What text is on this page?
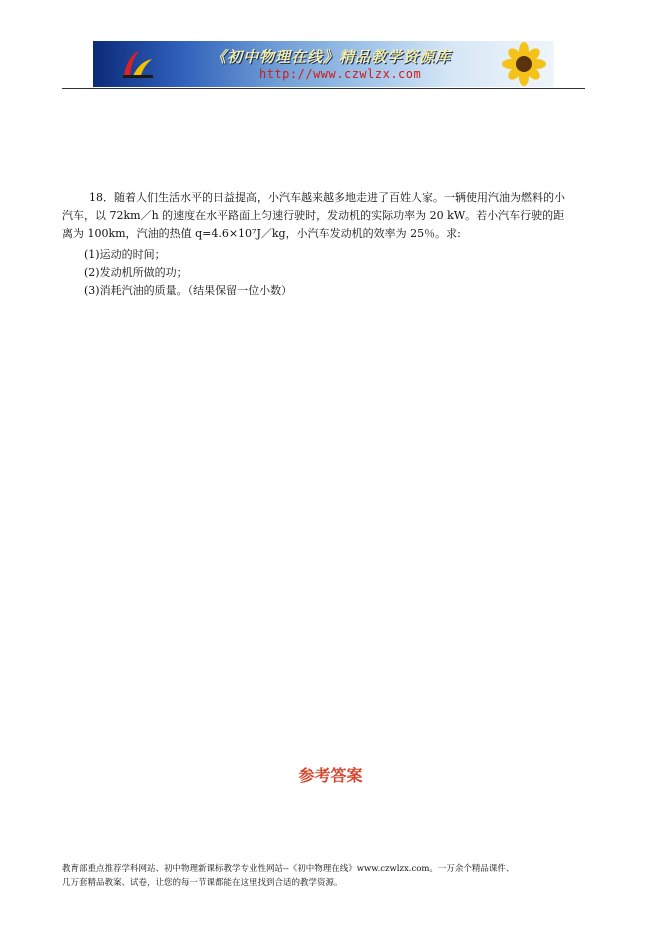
《初中物理在线》精品教学资源库
http://www.czwlzx.com
18．随着人们生活水平的日益提高，小汽车越来越多地走进了百姓人家。一辆使用汽油为燃料的小
汽车，以 72km／h 的速度在水平路面上匀速行驶时，发动机的实际功率为 20 kW。若小汽车行驶的距
离为 100km，汽油的热值 q=4.6×10⁷J／kg，小汽车发动机的效率为 25％。求:
(1)运动的时间；
(2)发动机所做的功；
(3)消耗汽油的质量。（结果保留一位小数）
参考答案
教育部重点推荐学科网站、初中物理新课标教学专业性网站--《初中物理在线》www.czwlzx.com。一万余个精品课件、
几万套精品教案、试卷，让您的每一节课都能在这里找到合适的教学资源。
